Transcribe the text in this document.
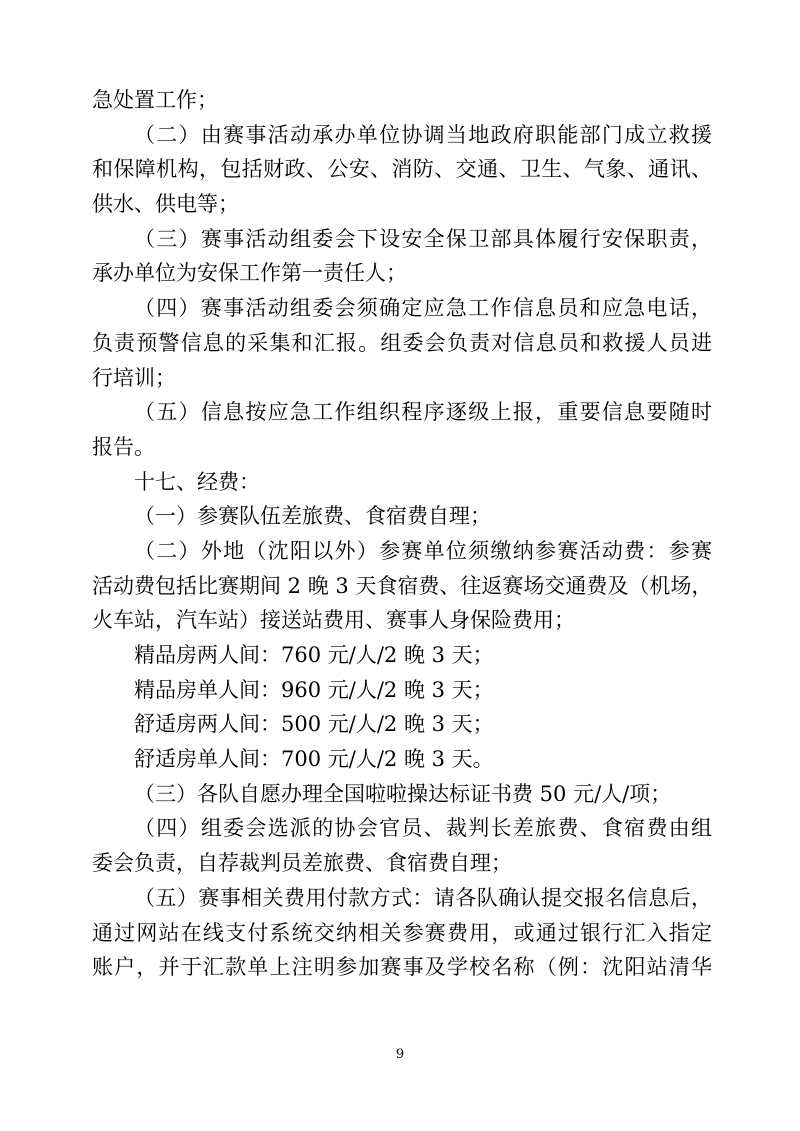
急处置工作；
（二）由赛事活动承办单位协调当地政府职能部门成立救援
和保障机构，包括财政、公安、消防、交通、卫生、气象、通讯、
供水、供电等；
（三）赛事活动组委会下设安全保卫部具体履行安保职责，
承办单位为安保工作第一责任人；
（四）赛事活动组委会须确定应急工作信息员和应急电话，
负责预警信息的采集和汇报。组委会负责对信息员和救援人员进
行培训；
（五）信息按应急工作组织程序逐级上报，重要信息要随时
报告。
十七、经费：
（一）参赛队伍差旅费、食宿费自理；
（二）外地（沈阳以外）参赛单位须缴纳参赛活动费：参赛
活动费包括比赛期间 2 晚 3 天食宿费、往返赛场交通费及（机场，
火车站，汽车站）接送站费用、赛事人身保险费用；
精品房两人间：760 元/人/2 晚 3 天；
精品房单人间：960 元/人/2 晚 3 天；
舒适房两人间：500 元/人/2 晚 3 天；
舒适房单人间：700 元/人/2 晚 3 天。
（三）各队自愿办理全国啦啦操达标证书费 50 元/人/项；
（四）组委会选派的协会官员、裁判长差旅费、食宿费由组
委会负责，自荐裁判员差旅费、食宿费自理；
（五）赛事相关费用付款方式：请各队确认提交报名信息后，
通过网站在线支付系统交纳相关参赛费用，或通过银行汇入指定
账户，并于汇款单上注明参加赛事及学校名称（例：沈阳站清华
9
